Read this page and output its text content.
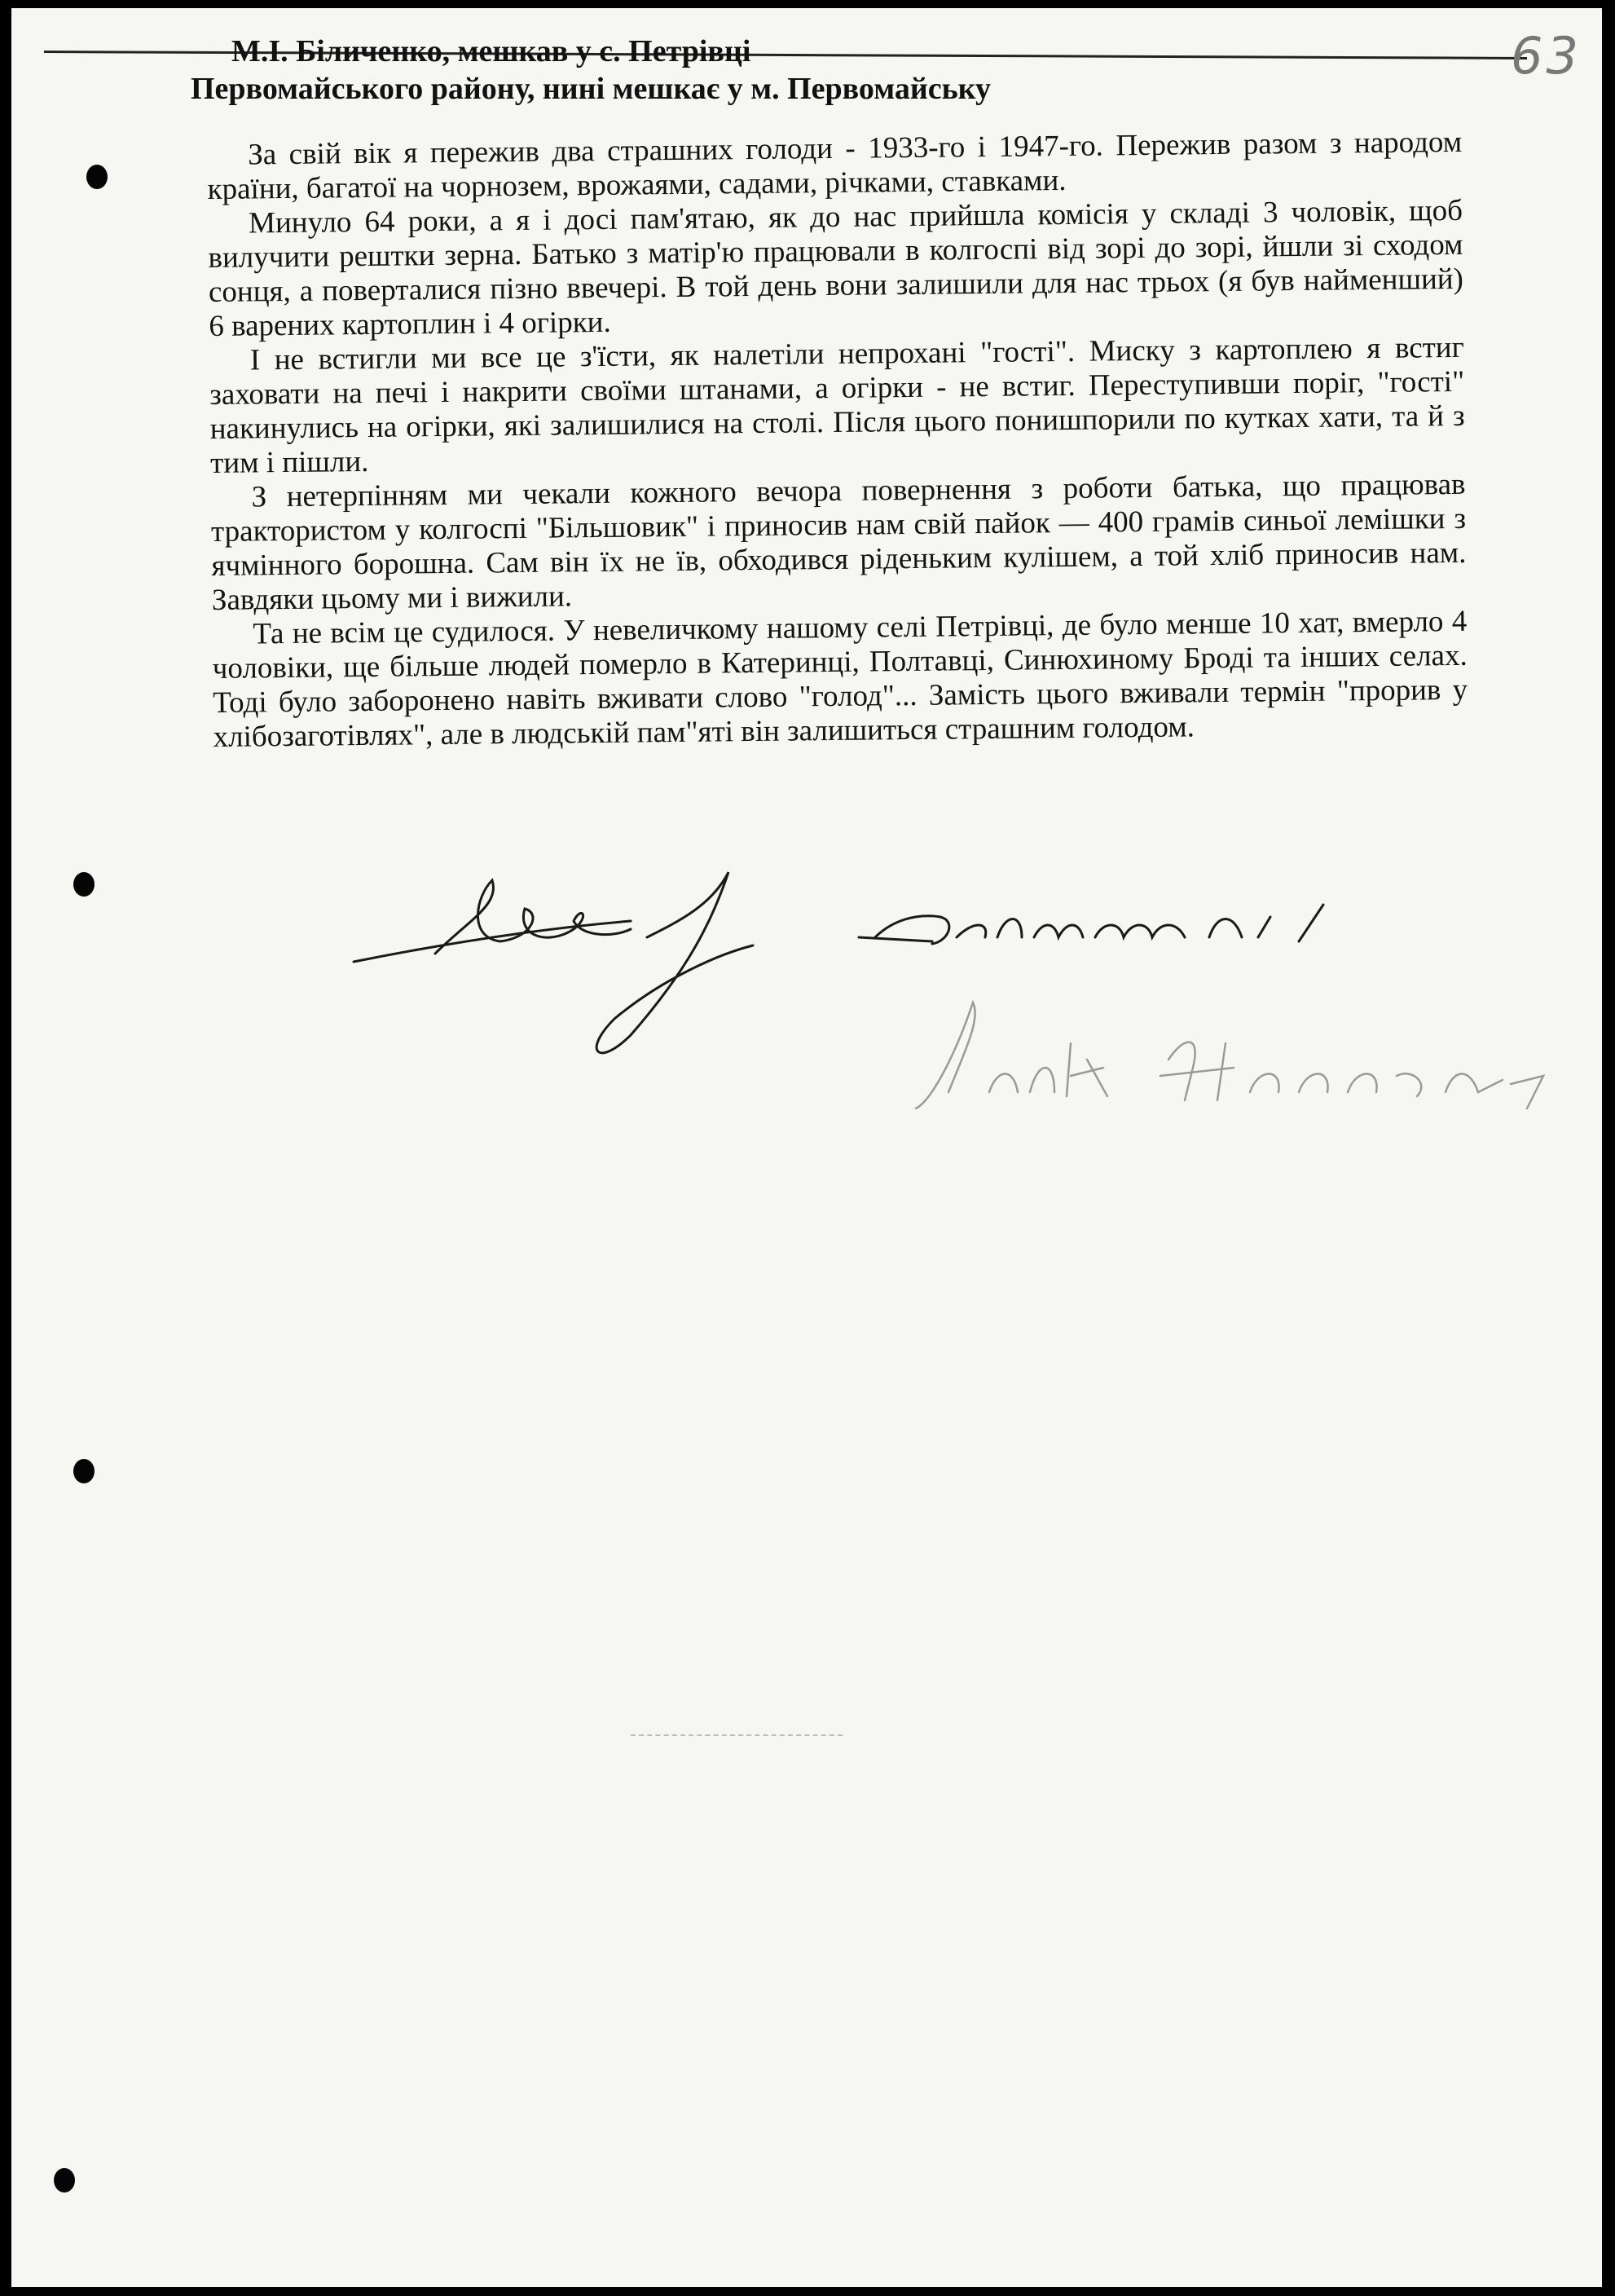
63
М.І. Біличенко, мешкав у с. Петрівці
Первомайського району, нині мешкає у м. Первомайську

За свій вік я пережив два страшних голоди - 1933-го і 1947-го. Пережив разом з народом країни, багатої на чорнозем, врожаями, садами, річками, ставками.

Минуло 64 роки, а я і досі пам'ятаю, як до нас прийшла комісія у складі 3 чоловік, щоб вилучити рештки зерна. Батько з матір'ю працювали в колгоспі від зорі до зорі, йшли зі сходом сонця, а поверталися пізно ввечері. В той день вони залишили для нас трьох (я був найменший) 6 варених картоплин і 4 огірки.

І не встигли ми все це з'їсти, як налетіли непрохані "гості". Миску з картоплею я встиг заховати на печі і накрити своїми штанами, а огірки - не встиг. Переступивши поріг, "гості" накинулись на огірки, які залишилися на столі. Після цього понишпорили по кутках хати, та й з тим і пішли.

З нетерпінням ми чекали кожного вечора повернення з роботи батька, що працював трактористом у колгоспі "Більшовик" і приносив нам свій пайок — 400 грамів синьої лемішки з ячмінного борошна. Сам він їх не їв, обходився ріденьким кулішем, а той хліб приносив нам. Завдяки цьому ми і вижили.

Та не всім це судилося. У невеличкому нашому селі Петрівці, де було менше 10 хат, вмерло 4 чоловіки, ще більше людей померло в Катеринці, Полтавці, Синюхиному Броді та інших селах. Тоді було заборонено навіть вживати слово "голод"... Замість цього вживали термін "прорив у хлібозаготівлях", але в людській пам"яті він залишиться страшним голодом.
